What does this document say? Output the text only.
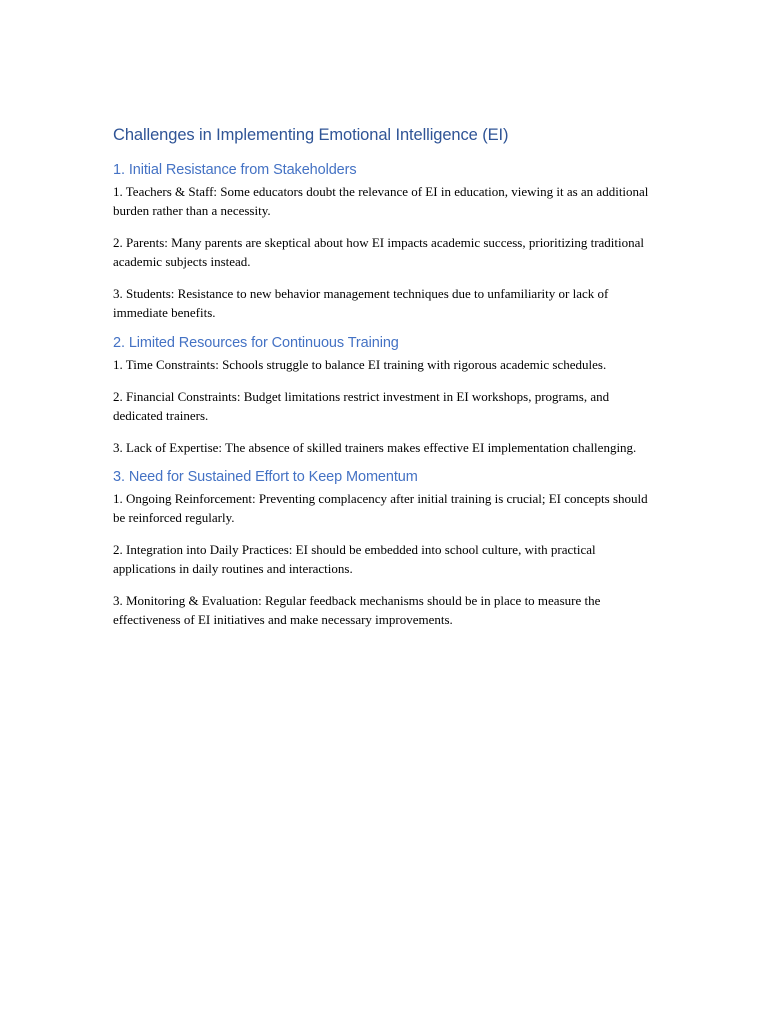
Challenges in Implementing Emotional Intelligence (EI)
1. Initial Resistance from Stakeholders

1. Teachers & Staff: Some educators doubt the relevance of EI in education, viewing it as an additional burden rather than a necessity.

2. Parents: Many parents are skeptical about how EI impacts academic success, prioritizing traditional academic subjects instead.

3. Students: Resistance to new behavior management techniques due to unfamiliarity or lack of immediate benefits.

2. Limited Resources for Continuous Training

1. Time Constraints: Schools struggle to balance EI training with rigorous academic schedules.

2. Financial Constraints: Budget limitations restrict investment in EI workshops, programs, and dedicated trainers.

3. Lack of Expertise: The absence of skilled trainers makes effective EI implementation challenging.

3. Need for Sustained Effort to Keep Momentum

1. Ongoing Reinforcement: Preventing complacency after initial training is crucial; EI concepts should be reinforced regularly.

2. Integration into Daily Practices: EI should be embedded into school culture, with practical applications in daily routines and interactions.

3. Monitoring & Evaluation: Regular feedback mechanisms should be in place to measure the effectiveness of EI initiatives and make necessary improvements.
